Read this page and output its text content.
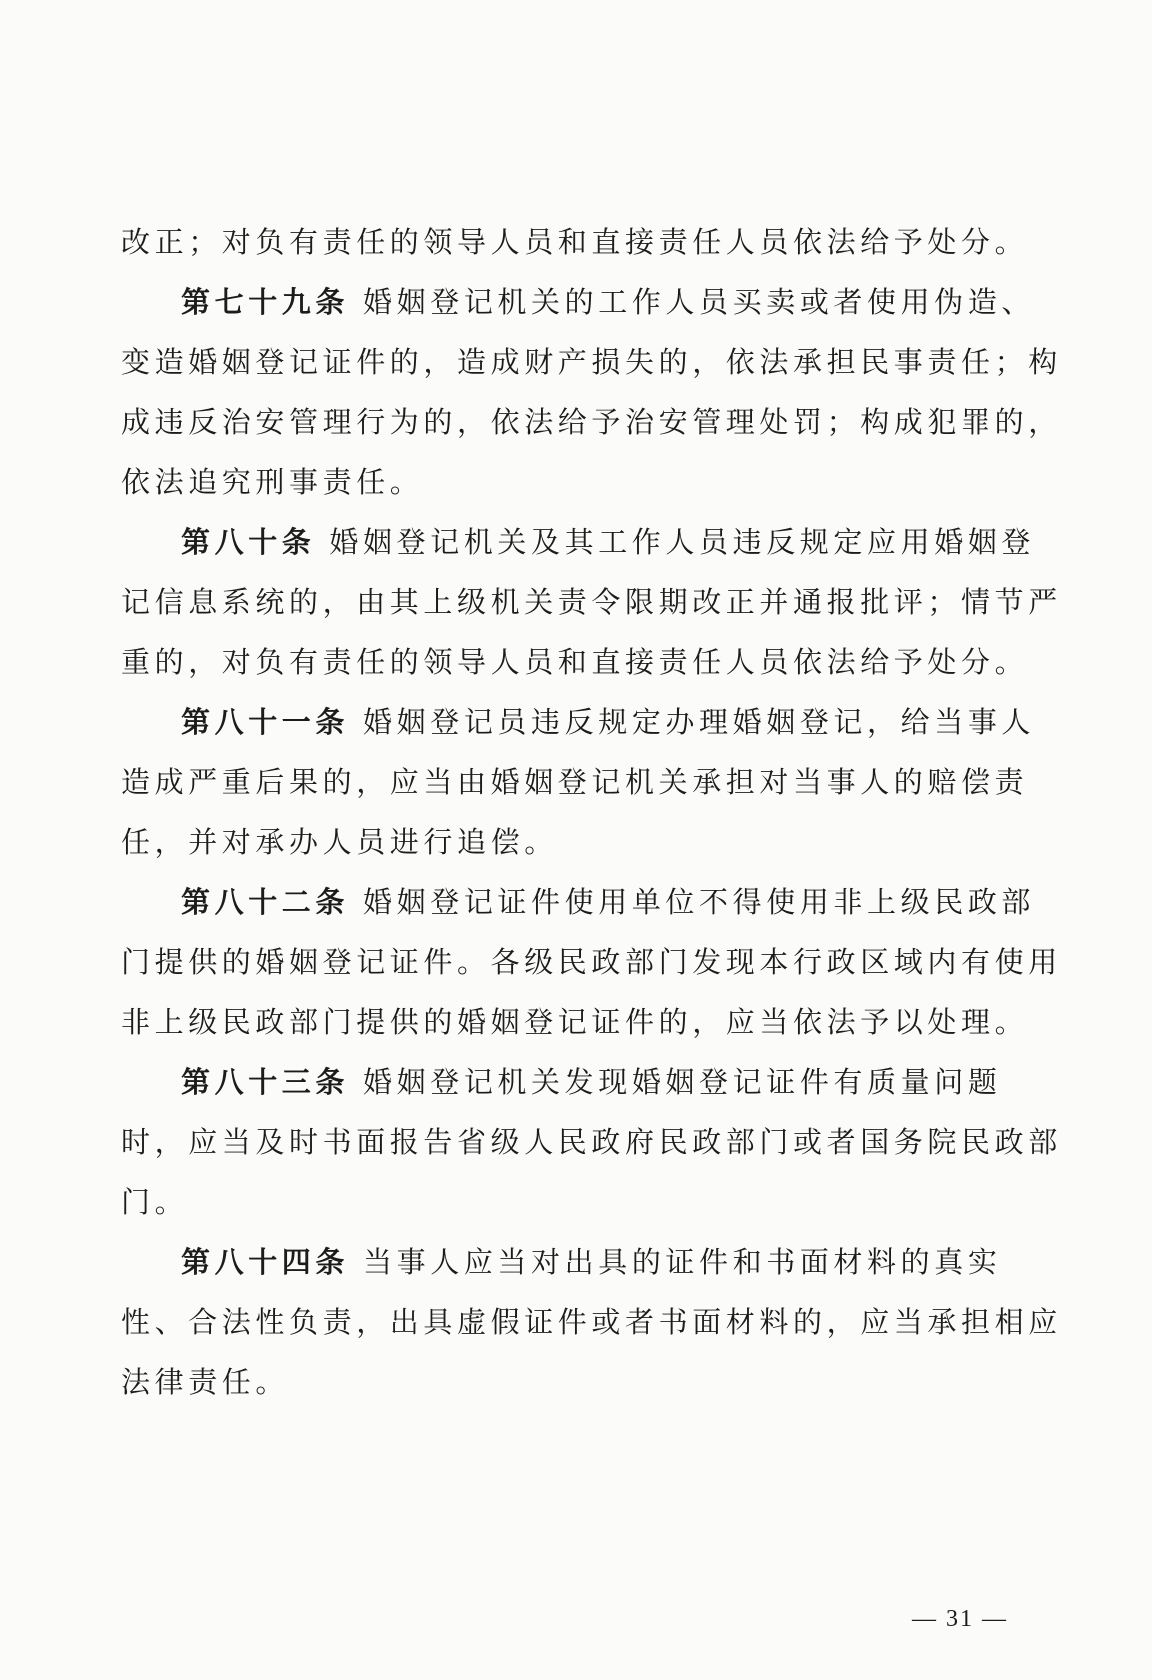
改正；对负有责任的领导人员和直接责任人员依法给予处分。
第七十九条 婚姻登记机关的工作人员买卖或者使用伪造、
变造婚姻登记证件的，造成财产损失的，依法承担民事责任；构
成违反治安管理行为的，依法给予治安管理处罚；构成犯罪的，
依法追究刑事责任。
第八十条 婚姻登记机关及其工作人员违反规定应用婚姻登
记信息系统的，由其上级机关责令限期改正并通报批评；情节严
重的，对负有责任的领导人员和直接责任人员依法给予处分。
第八十一条 婚姻登记员违反规定办理婚姻登记，给当事人
造成严重后果的，应当由婚姻登记机关承担对当事人的赔偿责
任，并对承办人员进行追偿。
第八十二条 婚姻登记证件使用单位不得使用非上级民政部
门提供的婚姻登记证件。各级民政部门发现本行政区域内有使用
非上级民政部门提供的婚姻登记证件的，应当依法予以处理。
第八十三条 婚姻登记机关发现婚姻登记证件有质量问题
时，应当及时书面报告省级人民政府民政部门或者国务院民政部
门。
第八十四条 当事人应当对出具的证件和书面材料的真实
性、合法性负责，出具虚假证件或者书面材料的，应当承担相应
法律责任。
— 31 —
